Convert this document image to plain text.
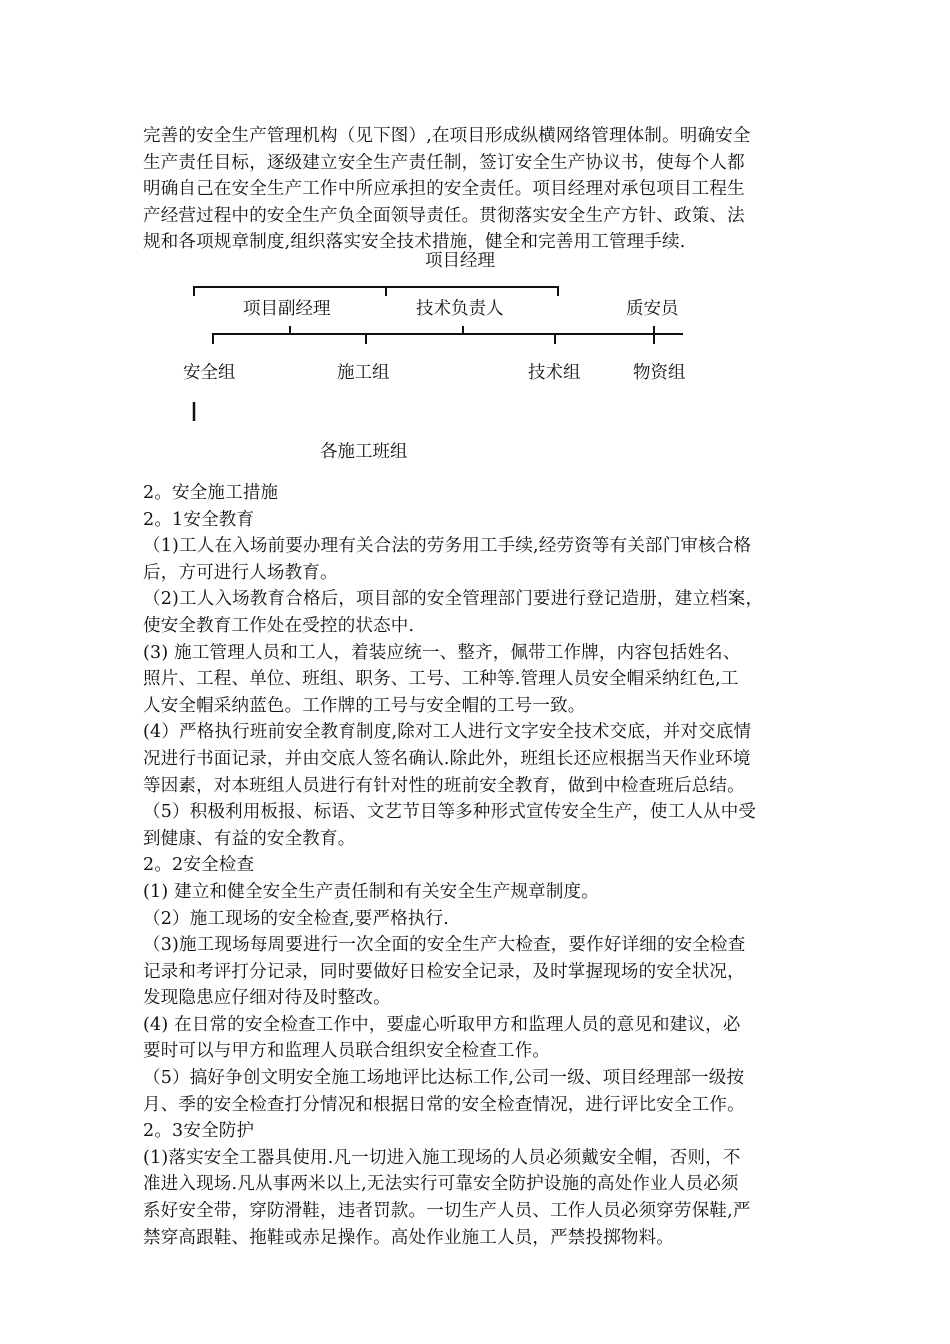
完善的安全生产管理机构（见下图）,在项目形成纵横网络管理体制。明确安全
生产责任目标，逐级建立安全生产责任制，签订安全生产协议书，使每个人都
明确自己在安全生产工作中所应承担的安全责任。项目经理对承包项目工程生
产经营过程中的安全生产负全面领导责任。贯彻落实安全生产方针、政策、法
规和各项规章制度,组织落实安全技术措施，健全和完善用工管理手续.
项目经理
项目副经理	技术负责人	质安员
安全组	施工组	技术组	物资组
各施工班组

2。安全施工措施

2。1安全教育

（1)工人在入场前要办理有关合法的劳务用工手续,经劳资等有关部门审核合格
后，方可进行人场教育。

（2)工人入场教育合格后，项目部的安全管理部门要进行登记造册，建立档案，
使安全教育工作处在受控的状态中.

(3) 施工管理人员和工人，着装应统一、整齐，佩带工作牌，内容包括姓名、
照片、工程、单位、班组、职务、工号、工种等.管理人员安全帽采纳红色,工
人安全帽采纳蓝色。工作牌的工号与安全帽的工号一致。

(4）严格执行班前安全教育制度,除对工人进行文字安全技术交底，并对交底情
况进行书面记录，并由交底人签名确认.除此外，班组长还应根据当天作业环境
等因素，对本班组人员进行有针对性的班前安全教育，做到中检查班后总结。

（5）积极利用板报、标语、文艺节目等多种形式宣传安全生产，使工人从中受
到健康、有益的安全教育。

2。2安全检查

(1) 建立和健全安全生产责任制和有关安全生产规章制度。

（2）施工现场的安全检查,要严格执行.

（3)施工现场每周要进行一次全面的安全生产大检查，要作好详细的安全检查
记录和考评打分记录，同时要做好日检安全记录，及时掌握现场的安全状况，
发现隐患应仔细对待及时整改。

(4) 在日常的安全检查工作中，要虚心听取甲方和监理人员的意见和建议，必
要时可以与甲方和监理人员联合组织安全检查工作。

（5）搞好争创文明安全施工场地评比达标工作,公司一级、项目经理部一级按
月、季的安全检查打分情况和根据日常的安全检查情况，进行评比安全工作。

2。3安全防护

(1)落实安全工器具使用.凡一切进入施工现场的人员必须戴安全帽，否则，不
准进入现场.凡从事两米以上,无法实行可靠安全防护设施的高处作业人员必须
系好安全带，穿防滑鞋，违者罚款。一切生产人员、工作人员必须穿劳保鞋,严
禁穿高跟鞋、拖鞋或赤足操作。高处作业施工人员，严禁投掷物料。
